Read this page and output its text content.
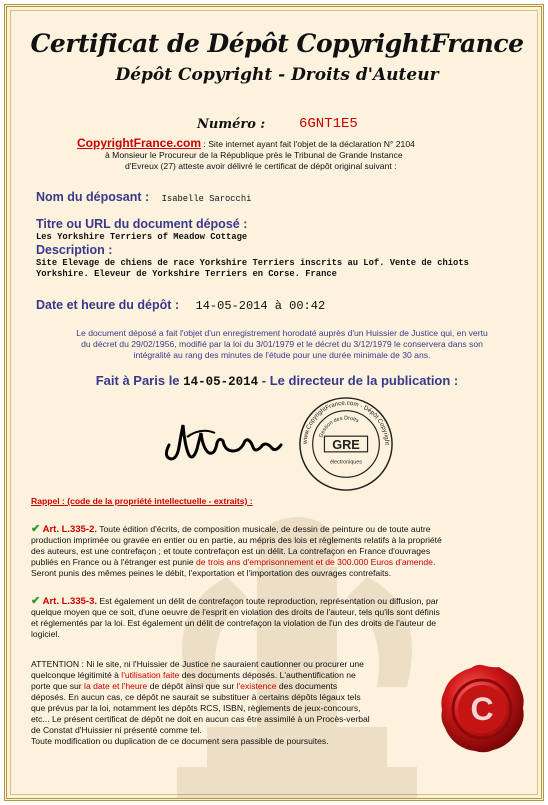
Certificat de Dépôt CopyrightFrance
Dépôt Copyright - Droits d'Auteur
Numéro : 6GNT1E5
CopyrightFrance.com : Site internet ayant fait l'objet de la déclaration N° 2104
à Monsieur le Procureur de la République près le Tribunal de Grande Instance
d'Evreux (27) atteste avoir délivré le certificat de dépôt original suivant :
Nom du déposant : Isabelle Sarocchi
Titre ou URL du document déposé :
Les Yorkshire Terriers of Meadow Cottage
Description :
Site Elevage de chiens de race Yorkshire Terriers inscrits au Lof. Vente de chiots
Yorkshire. Eleveur de Yorkshire Terriers en Corse. France
Date et heure du dépôt : 14-05-2014 à 00:42
Le document déposé a fait l'objet d'un enregistrement horodaté auprès d'un Huissier de Justice qui, en vertu
du décret du 29/02/1956, modifié par la loi du 3/01/1979 et le décret du 3/12/1979 le conservera dans son
intégralité au rang des minutes de l'étude pour une durée minimale de 30 ans.
Fait à Paris le 14-05-2014 - Le directeur de la publication :
www.CopyrightFrance.com - Dépôt Copyright
Gestion des Droits
GRE
électroniques
Rappel : (code de la propriété intellectuelle - extraits) :
✔ Art. L.335-2. Toute édition d'écrits, de composition musicale, de dessin de peinture ou de toute autre
production imprimée ou gravée en entier ou en partie, au mépris des lois et règlements relatifs à la propriété
des auteurs, est une contrefaçon ; et toute contrefaçon est un délit. La contrefaçon en France d'ouvrages
publiés en France ou à l'étranger est punie de trois ans d'emprisonnement et de 300.000 Euros d'amende.
Seront punis des mêmes peines le débit, l'exportation et l'importation des ouvrages contrefaits.
✔ Art. L.335-3. Est également un délit de contrefaçon toute reproduction, représentation ou diffusion, par
quelque moyen que ce soit, d'une oeuvre de l'esprit en violation des droits de l'auteur, tels qu'ils sont définis
et réglementés par la loi. Est également un délit de contrefaçon la violation de l'un des droits de l'auteur de
logiciel.
ATTENTION : Ni le site, ni l'Huissier de Justice ne sauraient cautionner ou procurer une
quelconque légitimité à l'utilisation faite des documents déposés. L'authentification ne
porte que sur la date et l'heure de dépôt ainsi que sur l'existence des documents
déposés. En aucun cas, ce dépôt ne saurait se substituer à certains dépôts légaux tels
que prévus par la loi, notamment les dépôts RCS, ISBN, règlements de jeux-concours,
etc... Le présent certificat de dépôt ne doit en aucun cas être assimilé à un Procès-verbal
de Constat d'Huissier ni présenté comme tel.
Toute modification ou duplication de ce document sera passible de poursuites.
C
